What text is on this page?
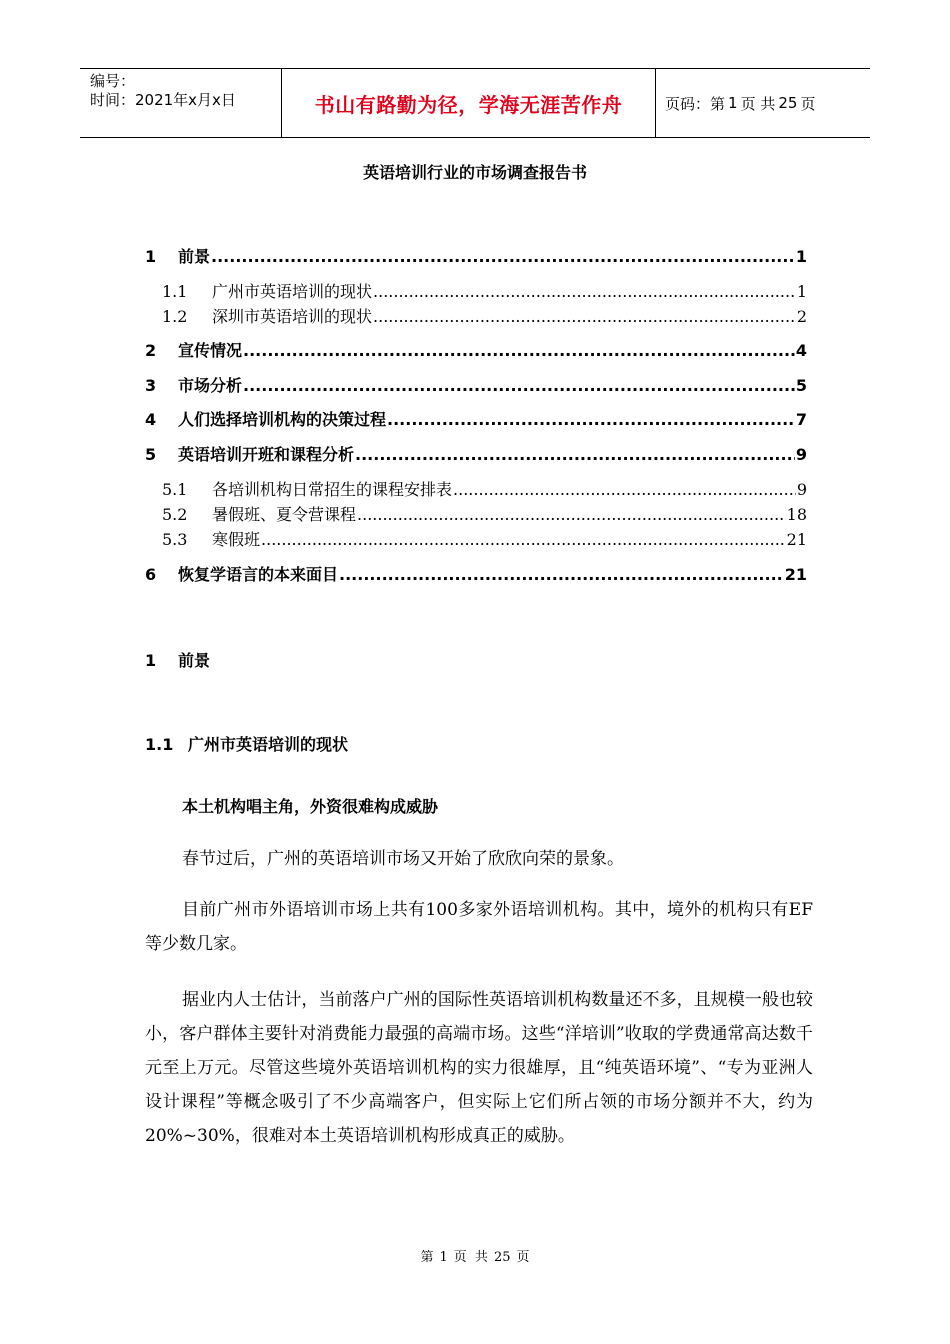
编号：
时间：2021年x月x日	书山有路勤为径，学海无涯苦作舟	页码：第 1 页 共 25 页
英语培训行业的市场调查报告书
1	前景 .....	1
1.1	广州市英语培训的现状 .....	1
1.2	深圳市英语培训的现状 .....	2
2	宣传情况 .....	4
3	市场分析 .....	5
4	人们选择培训机构的决策过程 .....	7
5	英语培训开班和课程分析 .....	9
5.1	各培训机构日常招生的课程安排表 .....	9
5.2	暑假班、夏令营课程 .....	18
5.3	寒假班 .....	21
6	恢复学语言的本来面目 .....	21
1 前景
1.1 广州市英语培训的现状
本土机构唱主角，外资很难构成威胁
春节过后，广州的英语培训市场又开始了欣欣向荣的景象。
目前广州市外语培训市场上共有100多家外语培训机构。其中，境外的机构只有EF等少数几家。
据业内人士估计，当前落户广州的国际性英语培训机构数量还不多，且规模一般也较小，客户群体主要针对消费能力最强的高端市场。这些“洋培训”收取的学费通常高达数千元至上万元。尽管这些境外英语培训机构的实力很雄厚，且“纯英语环境”、“专为亚洲人设计课程”等概念吸引了不少高端客户，但实际上它们所占领的市场分额并不大，约为20%~30%，很难对本土英语培训机构形成真正的威胁。
第 1 页 共 25 页
